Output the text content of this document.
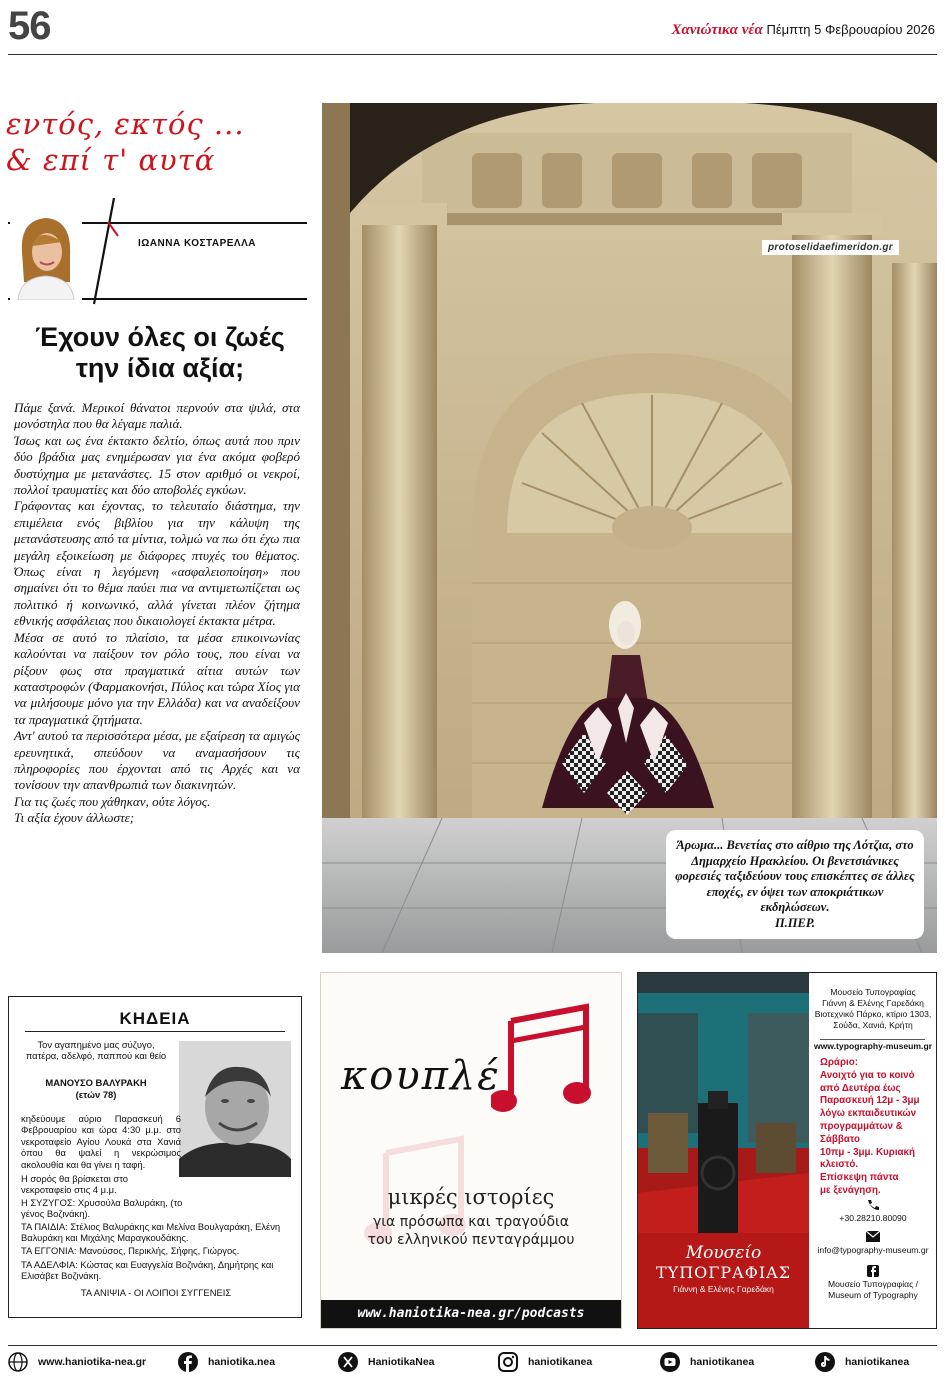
56	Χανιώτικα νέα Πέμπτη 5 Φεβρουαρίου 2026
εντός, εκτός ...
& επί τ' αυτά
ΙΩΑΝΝΑ ΚΟΣΤΑΡΕΛΛΑ
Έχουν όλες οι ζωές την ίδια αξία;

Πάμε ξανά. Μερικοί θάνατοι περνούν στα ψιλά, στα μονόστηλα που θα λέγαμε παλιά.

Ίσως και ως ένα έκτακτο δελτίο, όπως αυτά που πριν δύο βράδια μας ενημέρωσαν για ένα ακόμα φοβερό δυστύχημα με μετανάστες. 15 στον αριθμό οι νεκροί, πολλοί τραυματίες και δύο αποβολές εγκύων.

Γράφοντας και έχοντας, το τελευταίο διάστημα, την επιμέλεια ενός βιβλίου για την κάλυψη της μετανάστευσης από τα μίντια, τολμώ να πω ότι έχω πια μεγάλη εξοικείωση με διάφορες πτυχές του θέματος. Όπως είναι η λεγόμενη «ασφαλειοποίηση» που σημαίνει ότι το θέμα παύει πια να αντιμετωπίζεται ως πολιτικό ή κοινωνικό, αλλά γίνεται πλέον ζήτημα εθνικής ασφάλειας που δικαιολογεί έκτακτα μέτρα.

Μέσα σε αυτό το πλαίσιο, τα μέσα επικοινωνίας καλούνται να παίξουν τον ρόλο τους, που είναι να ρίξουν φως στα πραγματικά αίτια αυτών των καταστροφών (Φαρμακονήσι, Πύλος και τώρα Χίος για να μιλήσουμε μόνο για την Ελλάδα) και να αναδείξουν τα πραγματικά ζητήματα.

Αντ' αυτού τα περισσότερα μέσα, με εξαίρεση τα αμιγώς ερευνητικά, σπεύδουν να αναμασήσουν τις πληροφορίες που έρχονται από τις Αρχές και να τονίσουν την απανθρωπιά των διακινητών.

Για τις ζωές που χάθηκαν, ούτε λόγος.

Τι αξία έχουν άλλωστε;

protoselidaefimeridon.gr
Άρωμα... Βενετίας στο αίθριο της Λότζια, στο Δημαρχείο Ηρακλείου. Οι βενετσιάνικες φορεσιές ταξιδεύουν τους επισκέπτες σε άλλες εποχές, εν όψει των αποκριάτικων εκδηλώσεων.
Π.ΠΕΡ.
ΚΗΔΕΙΑ
Τον αγαπημένο μας σύζυγο, πατέρα, αδελφό, παππού και θείο
ΜΑΝΟΥΣΟ ΒΑΛΥΡΑΚΗ
(ετών 78)
κηδεύουμε αύριο Παρασκευή 6 Φεβρουαρίου και ώρα 4:30 μ.μ. στο νεκροταφείο Αγίου Λουκά στα Χανιά όπου θα ψαλεί η νεκρώσιμος ακολουθία και θα γίνει η ταφή.
Η σορός θα βρίσκεται στο νεκροταφείο στις 4 μ.μ.
Η ΣΥΖΥΓΟΣ: Χρυσούλα Βαλυράκη, (το γένος Βοζινάκη).
ΤΑ ΠΑΙΔΙΑ: Στέλιος Βαλυράκης και Μελίνα Βουλγαράκη, Ελένη Βαλυράκη και Μιχάλης Μαραγκουδάκης.
ΤΑ ΕΓΓΟΝΙΑ: Μανούσος, Περικλής, Σήφης, Γιώργος.
ΤΑ ΑΔΕΛΦΙΑ: Κώστας και Ευαγγελία Βοζινάκη, Δημήτρης και Ελισάβετ Βοζινάκη.
ΤΑ ΑΝΙΨΙΑ - ΟΙ ΛΟΙΠΟΙ ΣΥΓΓΕΝΕΙΣ
κουπλέ
μικρές ιστορίες
για πρόσωπα και τραγούδια
του ελληνικού πενταγράμμου
www.haniotika-nea.gr/podcasts
Μουσείο
ΤΥΠΟΓΡΑΦΙΑΣ
Γιάννη & Ελένης Γαρεδάκη
Μουσείο Τυπογραφίας
Γιάννη & Ελένης Γαρεδάκη
Βιοτεχνικό Πάρκο, κτίριο 1303,
Σούδα, Χανιά, Κρήτη
www.typography-museum.gr
Ωράριο:
Ανοιχτό για το κοινό
από Δευτέρα έως
Παρασκευή 12μ - 3μμ
λόγω εκπαιδευτικών
προγραμμάτων & Σάββατο
10πμ - 3μμ. Κυριακή κλειστό.
Επίσκεψη πάντα
με ξενάγηση.
+30.28210.80090
info@typography-museum.gr
Μουσείο Τυπογραφίας /
Museum of Typography
www.haniotika-nea.gr	haniotika.nea	HaniotikaNea	haniotikanea	haniotikanea	haniotikanea
